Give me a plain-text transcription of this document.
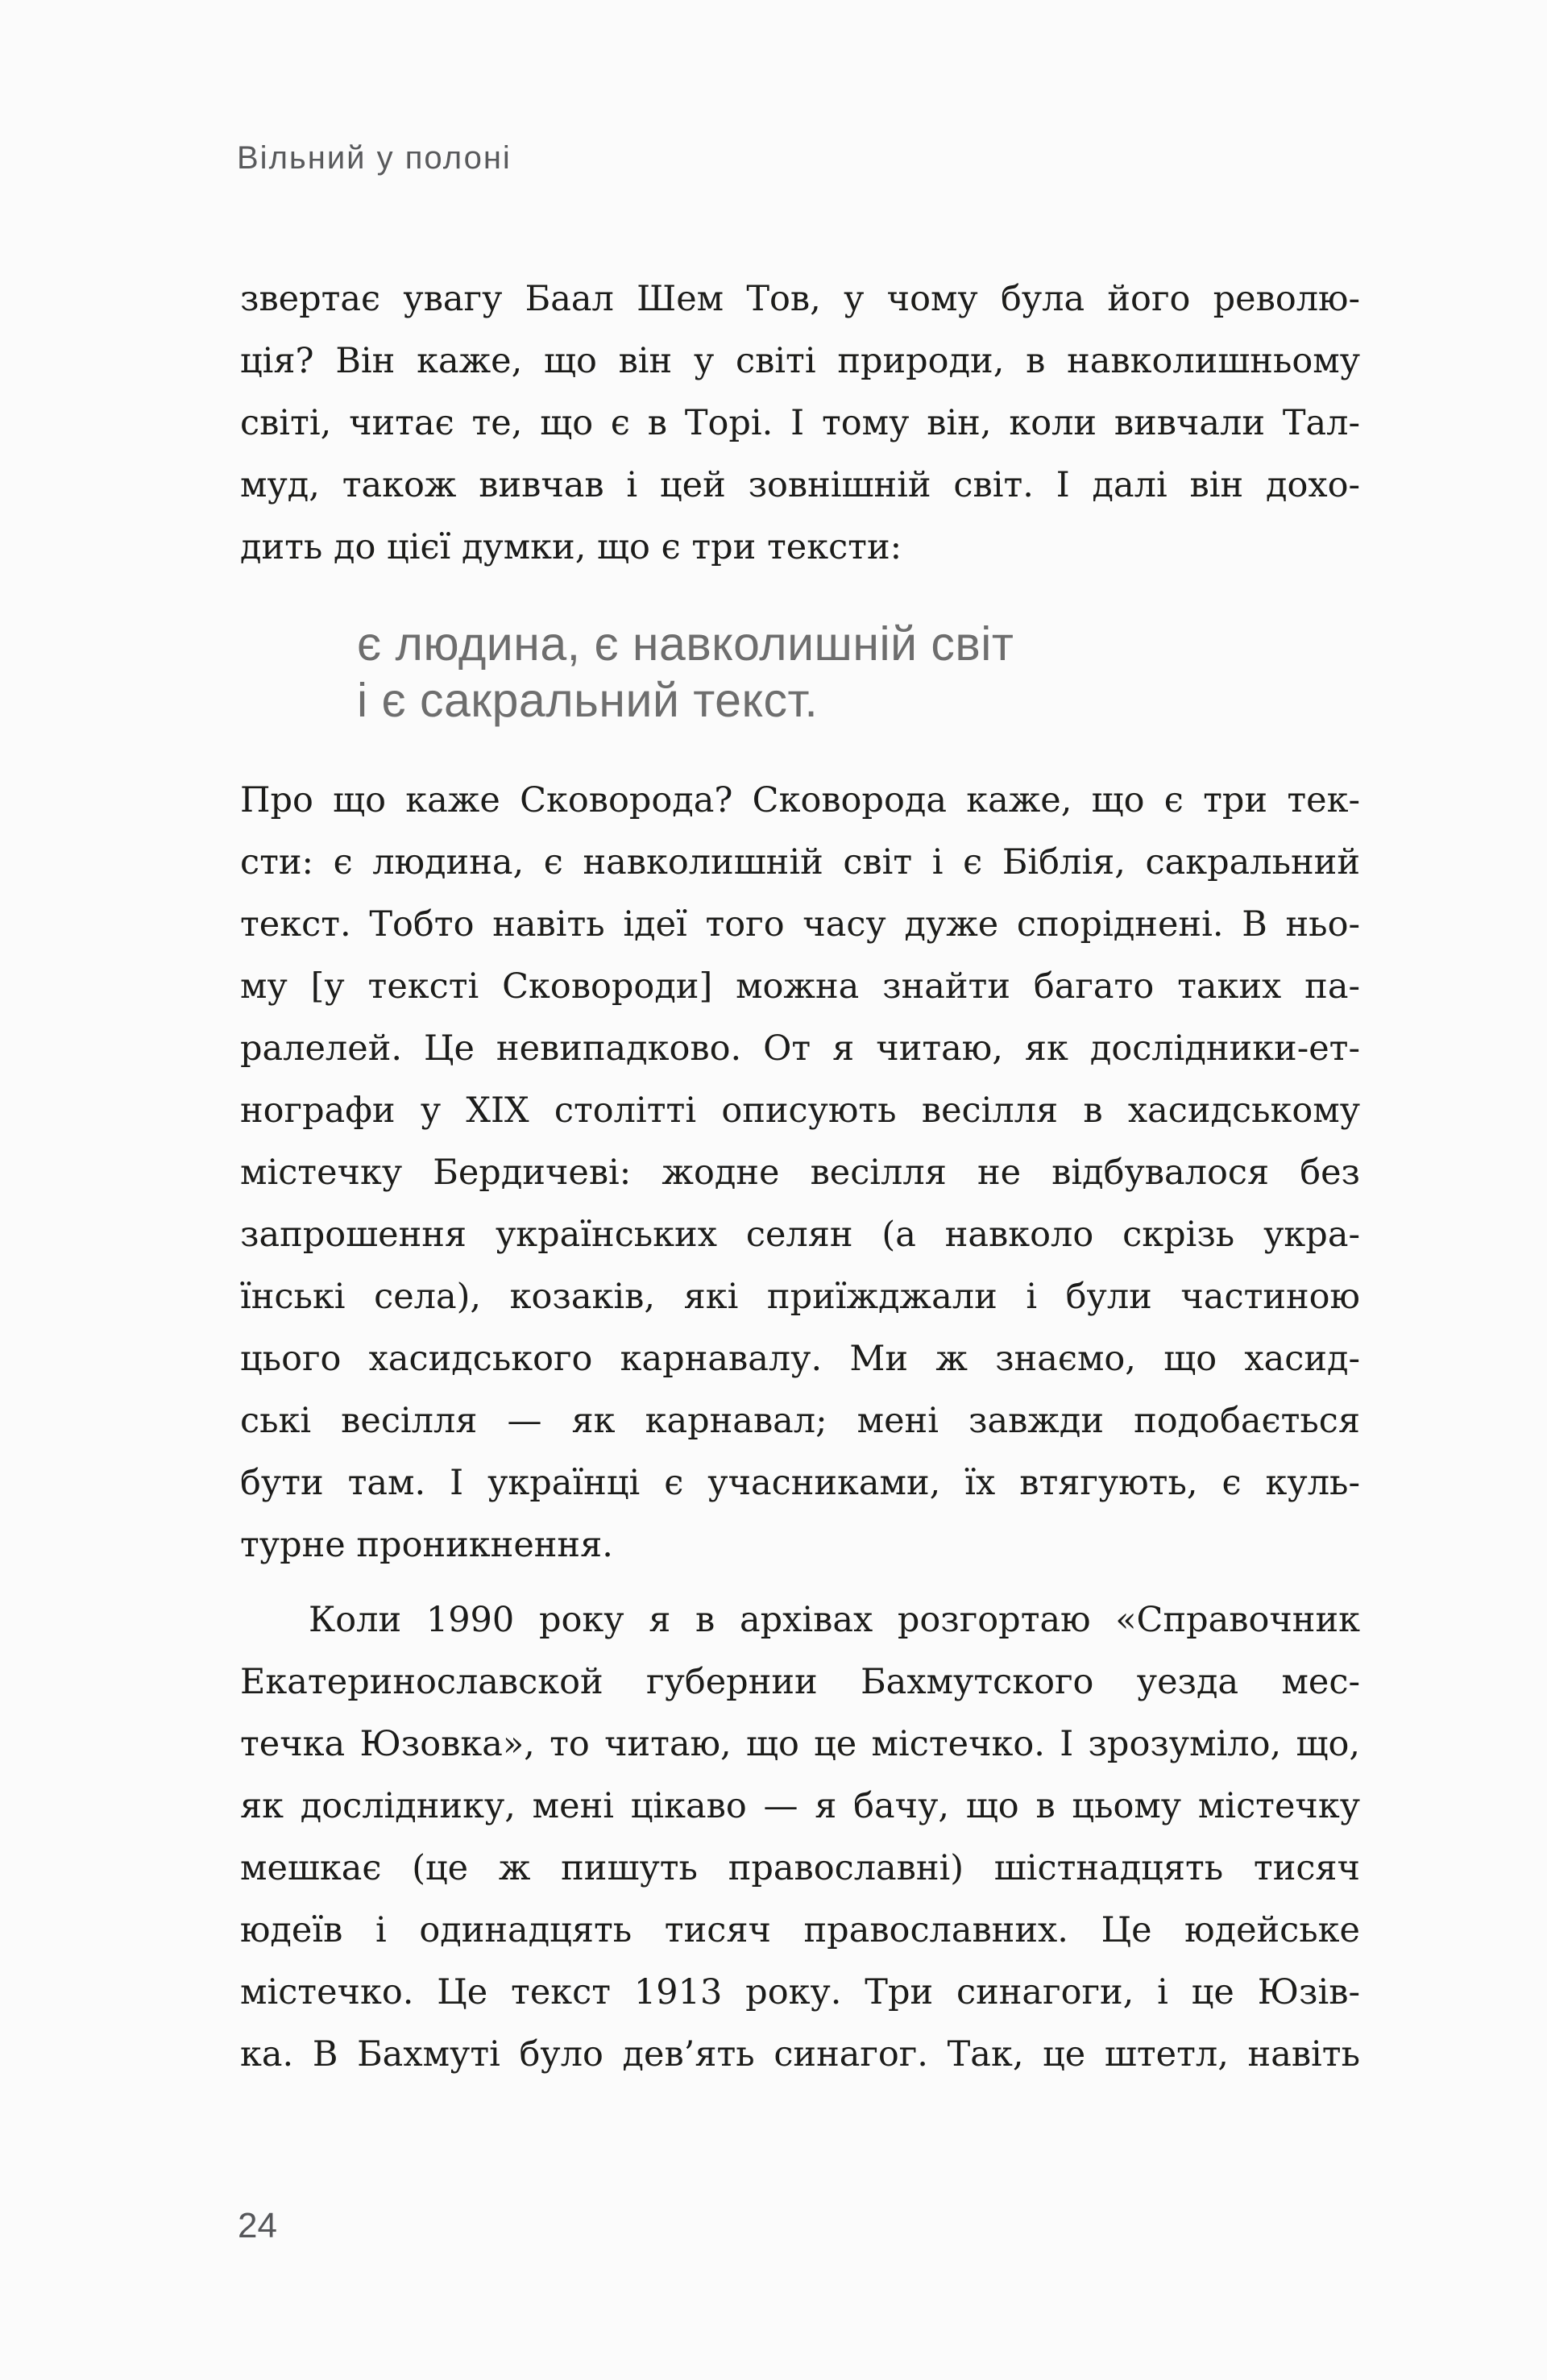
Вільний у полоні
звертає увагу Баал Шем Тов, у чому була його револю-
ція? Він каже, що він у світі природи, в навколишньому
світі, читає те, що є в Торі. І тому він, коли вивчали Тал-
муд, також вивчав і цей зовнішній світ. І далі він дохо-
дить до цієї думки, що є три тексти:
є людина, є навколишній світ
і є сакральний текст.
Про що каже Сковорода? Сковорода каже, що є три тек-
сти: є людина, є навколишній світ і є Біблія, сакральний
текст. Тобто навіть ідеї того часу дуже споріднені. В ньо-
му [у тексті Сковороди] можна знайти багато таких па-
ралелей. Це невипадково. От я читаю, як дослідники-ет-
нографи у XIX столітті описують весілля в хасидському
містечку Бердичеві: жодне весілля не відбувалося без
запрошення українських селян (а навколо скрізь укра-
їнські села), козаків, які приїжджали і були частиною
цього хасидського карнавалу. Ми ж знаємо, що хасид-
ські весілля — як карнавал; мені завжди подобається
бути там. І українці є учасниками, їх втягують, є куль-
турне проникнення.
Коли 1990 року я в архівах розгортаю «Справочник
Екатеринославской губернии Бахмутского уезда мес-
течка Юзовка», то читаю, що це містечко. І зрозуміло, що,
як досліднику, мені цікаво — я бачу, що в цьому містечку
мешкає (це ж пишуть православні) шістнадцять тисяч
юдеїв і одинадцять тисяч православних. Це юдейське
містечко. Це текст 1913 року. Три синагоги, і це Юзів-
ка. В Бахмуті було дев’ять синагог. Так, це штетл, навіть
24
